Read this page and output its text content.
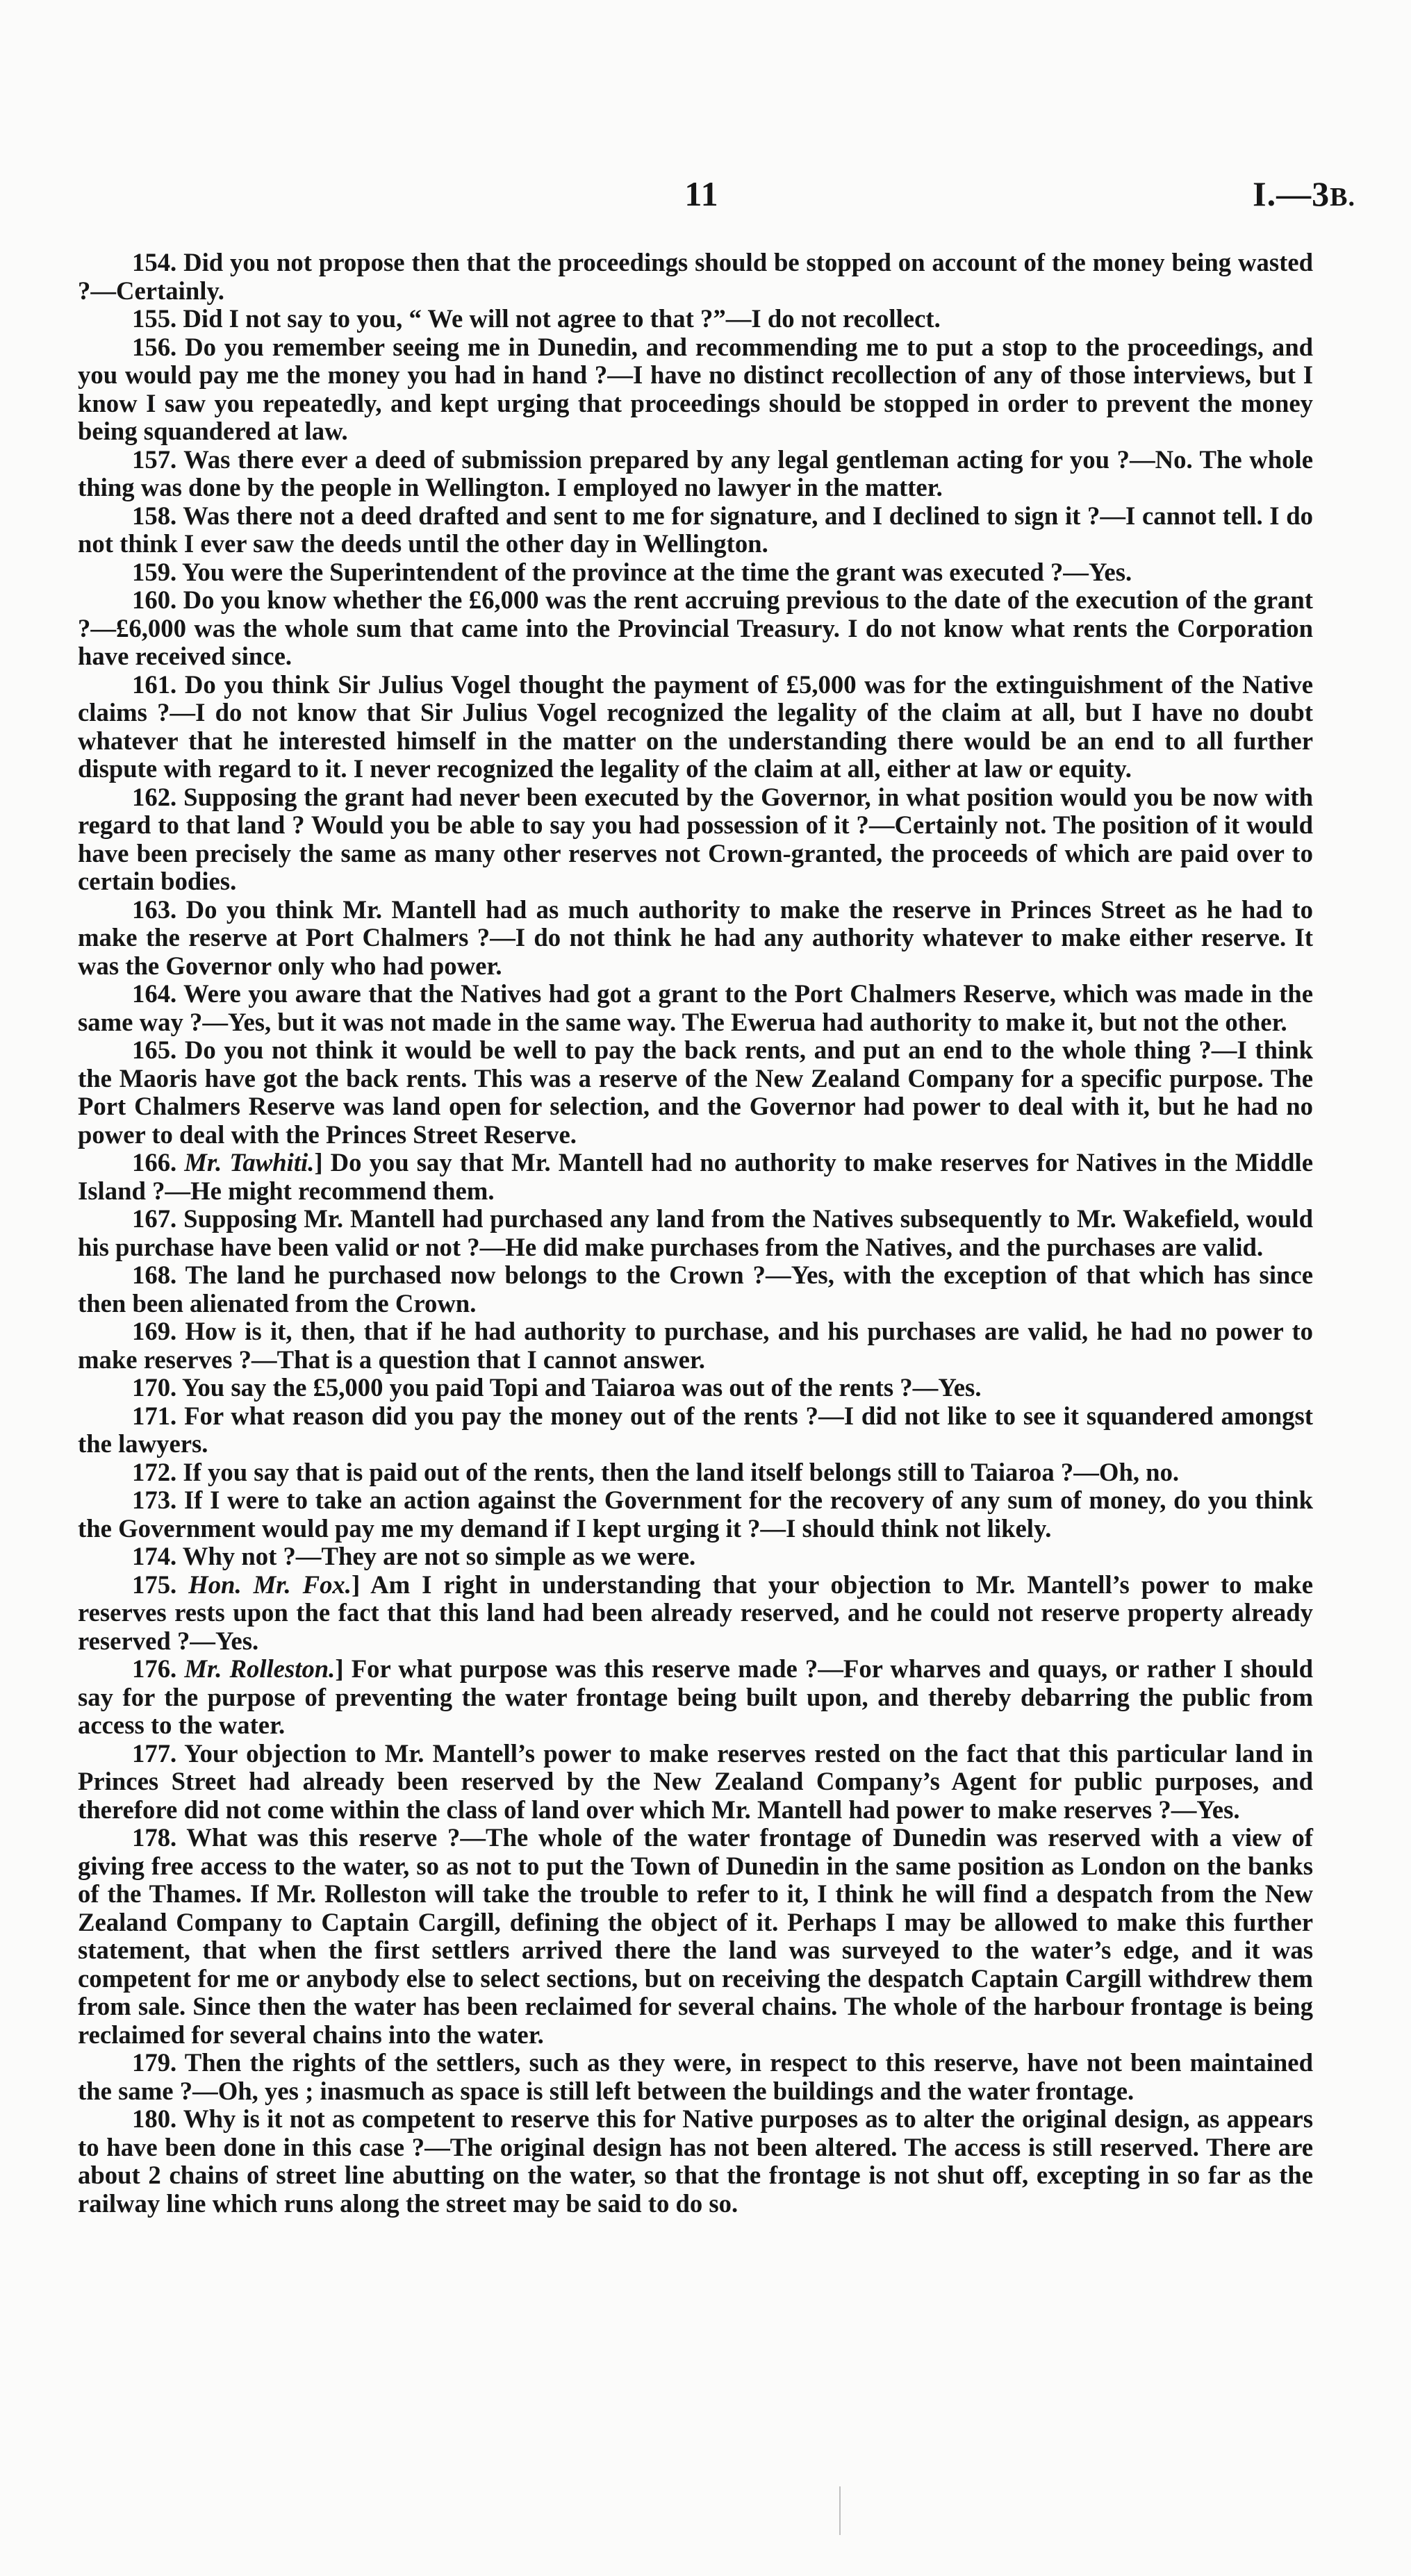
11	I.—3B.

154. Did you not propose then that the proceedings should be stopped on account of the money being wasted ?—Certainly.

155. Did I not say to you, “ We will not agree to that ?”—I do not recollect.

156. Do you remember seeing me in Dunedin, and recommending me to put a stop to the proceedings, and you would pay me the money you had in hand ?—I have no distinct recollection of any of those interviews, but I know I saw you repeatedly, and kept urging that proceedings should be stopped in order to prevent the money being squandered at law.

157. Was there ever a deed of submission prepared by any legal gentleman acting for you ?—No. The whole thing was done by the people in Wellington. I employed no lawyer in the matter.

158. Was there not a deed drafted and sent to me for signature, and I declined to sign it ?—I cannot tell. I do not think I ever saw the deeds until the other day in Wellington.

159. You were the Superintendent of the province at the time the grant was executed ?—Yes.

160. Do you know whether the £6,000 was the rent accruing previous to the date of the execution of the grant ?—£6,000 was the whole sum that came into the Provincial Treasury. I do not know what rents the Corporation have received since.

161. Do you think Sir Julius Vogel thought the payment of £5,000 was for the extinguishment of the Native claims ?—I do not know that Sir Julius Vogel recognized the legality of the claim at all, but I have no doubt whatever that he interested himself in the matter on the understanding there would be an end to all further dispute with regard to it. I never recognized the legality of the claim at all, either at law or equity.

162. Supposing the grant had never been executed by the Governor, in what position would you be now with regard to that land ? Would you be able to say you had possession of it ?—Certainly not. The position of it would have been precisely the same as many other reserves not Crown-granted, the proceeds of which are paid over to certain bodies.

163. Do you think Mr. Mantell had as much authority to make the reserve in Princes Street as he had to make the reserve at Port Chalmers ?—I do not think he had any authority whatever to make either reserve. It was the Governor only who had power.

164. Were you aware that the Natives had got a grant to the Port Chalmers Reserve, which was made in the same way ?—Yes, but it was not made in the same way. The Ewerua had authority to make it, but not the other.

165. Do you not think it would be well to pay the back rents, and put an end to the whole thing ?—I think the Maoris have got the back rents. This was a reserve of the New Zealand Company for a specific purpose. The Port Chalmers Reserve was land open for selection, and the Governor had power to deal with it, but he had no power to deal with the Princes Street Reserve.

166. Mr. Tawhiti.] Do you say that Mr. Mantell had no authority to make reserves for Natives in the Middle Island ?—He might recommend them.

167. Supposing Mr. Mantell had purchased any land from the Natives subsequently to Mr. Wakefield, would his purchase have been valid or not ?—He did make purchases from the Natives, and the purchases are valid.

168. The land he purchased now belongs to the Crown ?—Yes, with the exception of that which has since then been alienated from the Crown.

169. How is it, then, that if he had authority to purchase, and his purchases are valid, he had no power to make reserves ?—That is a question that I cannot answer.

170. You say the £5,000 you paid Topi and Taiaroa was out of the rents ?—Yes.

171. For what reason did you pay the money out of the rents ?—I did not like to see it squandered amongst the lawyers.

172. If you say that is paid out of the rents, then the land itself belongs still to Taiaroa ?—Oh, no.

173. If I were to take an action against the Government for the recovery of any sum of money, do you think the Government would pay me my demand if I kept urging it ?—I should think not likely.

174. Why not ?—They are not so simple as we were.

175. Hon. Mr. Fox.] Am I right in understanding that your objection to Mr. Mantell’s power to make reserves rests upon the fact that this land had been already reserved, and he could not reserve property already reserved ?—Yes.

176. Mr. Rolleston.] For what purpose was this reserve made ?—For wharves and quays, or rather I should say for the purpose of preventing the water frontage being built upon, and thereby debarring the public from access to the water.

177. Your objection to Mr. Mantell’s power to make reserves rested on the fact that this particular land in Princes Street had already been reserved by the New Zealand Company’s Agent for public purposes, and therefore did not come within the class of land over which Mr. Mantell had power to make reserves ?—Yes.

178. What was this reserve ?—The whole of the water frontage of Dunedin was reserved with a view of giving free access to the water, so as not to put the Town of Dunedin in the same position as London on the banks of the Thames. If Mr. Rolleston will take the trouble to refer to it, I think he will find a despatch from the New Zealand Company to Captain Cargill, defining the object of it. Perhaps I may be allowed to make this further statement, that when the first settlers arrived there the land was surveyed to the water’s edge, and it was competent for me or anybody else to select sections, but on receiving the despatch Captain Cargill withdrew them from sale. Since then the water has been reclaimed for several chains. The whole of the harbour frontage is being reclaimed for several chains into the water.

179. Then the rights of the settlers, such as they were, in respect to this reserve, have not been maintained the same ?—Oh, yes ; inasmuch as space is still left between the buildings and the water frontage.

180. Why is it not as competent to reserve this for Native purposes as to alter the original design, as appears to have been done in this case ?—The original design has not been altered. The access is still reserved. There are about 2 chains of street line abutting on the water, so that the frontage is not shut off, excepting in so far as the railway line which runs along the street may be said to do so.
